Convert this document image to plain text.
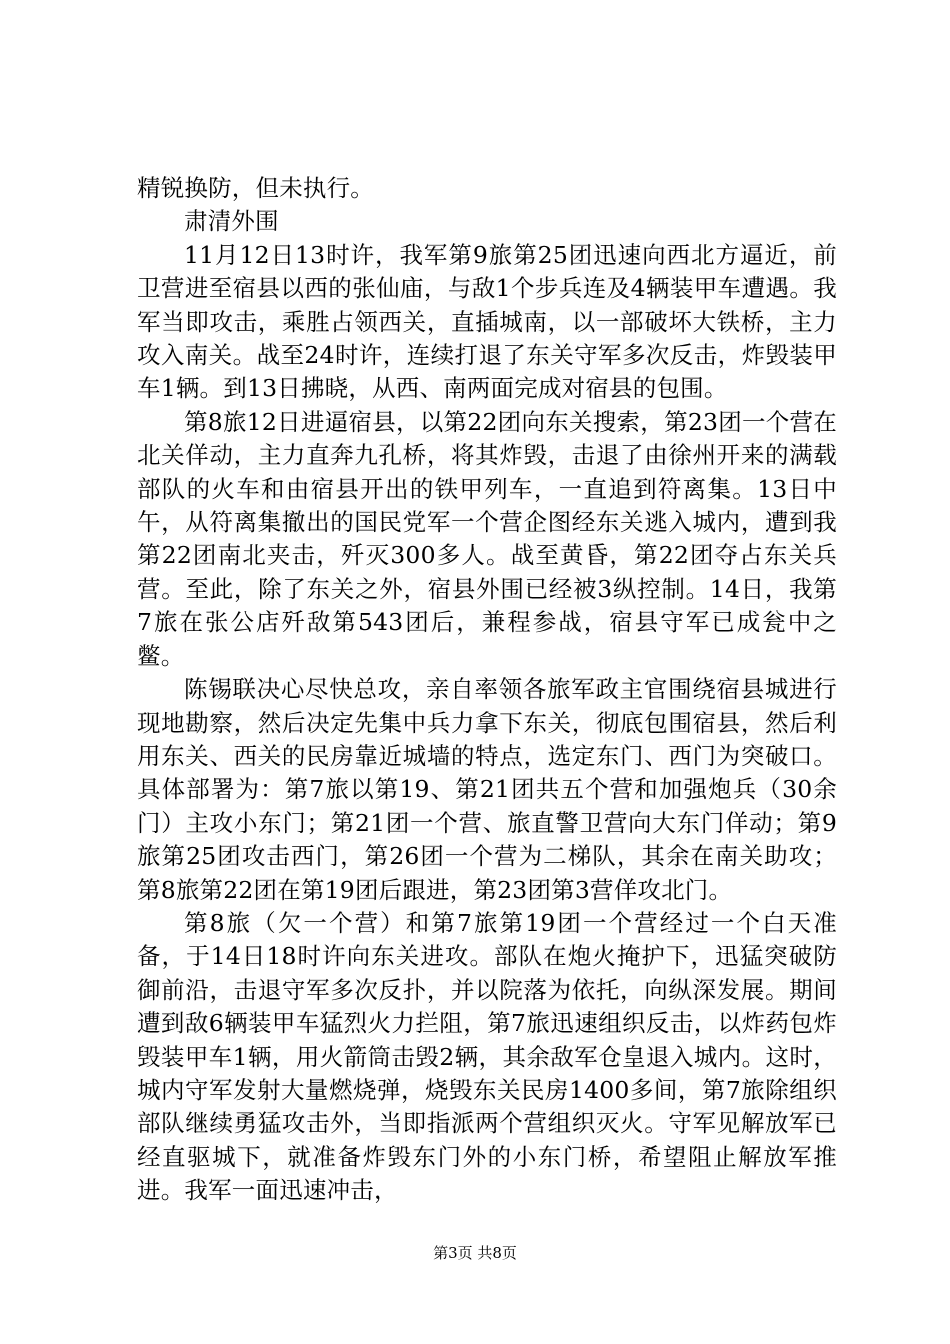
精锐换防，但未执行。

肃清外围

11月12日13时许，我军第9旅第25团迅速向西北方逼近，前卫营进至宿县以西的张仙庙，与敌1个步兵连及4辆装甲车遭遇。我军当即攻击，乘胜占领西关，直插城南，以一部破坏大铁桥，主力攻入南关。战至24时许，连续打退了东关守军多次反击，炸毁装甲车1辆。到13日拂晓，从西、南两面完成对宿县的包围。

第8旅12日进逼宿县，以第22团向东关搜索，第23团一个营在北关佯动，主力直奔九孔桥，将其炸毁，击退了由徐州开来的满载部队的火车和由宿县开出的铁甲列车，一直追到符离集。13日中午，从符离集撤出的国民党军一个营企图经东关逃入城内，遭到我第22团南北夹击，歼灭300多人。战至黄昏，第22团夺占东关兵营。至此，除了东关之外，宿县外围已经被3纵控制。14日，我第7旅在张公店歼敌第543团后，兼程参战，宿县守军已成瓮中之鳖。

陈锡联决心尽快总攻，亲自率领各旅军政主官围绕宿县城进行现地勘察，然后决定先集中兵力拿下东关，彻底包围宿县，然后利用东关、西关的民房靠近城墙的特点，选定东门、西门为突破口。具体部署为：第7旅以第19、第21团共五个营和加强炮兵（30余门）主攻小东门；第21团一个营、旅直警卫营向大东门佯动；第9旅第25团攻击西门，第26团一个营为二梯队，其余在南关助攻；第8旅第22团在第19团后跟进，第23团第3营佯攻北门。

第8旅（欠一个营）和第7旅第19团一个营经过一个白天准备，于14日18时许向东关进攻。部队在炮火掩护下，迅猛突破防御前沿，击退守军多次反扑，并以院落为依托，向纵深发展。期间遭到敌6辆装甲车猛烈火力拦阻，第7旅迅速组织反击，以炸药包炸毁装甲车1辆，用火箭筒击毁2辆，其余敌军仓皇退入城内。这时，城内守军发射大量燃烧弹，烧毁东关民房1400多间，第7旅除组织部队继续勇猛攻击外，当即指派两个营组织灭火。守军见解放军已经直驱城下，就准备炸毁东门外的小东门桥，希望阻止解放军推进。我军一面迅速冲击，

第3页 共8页
